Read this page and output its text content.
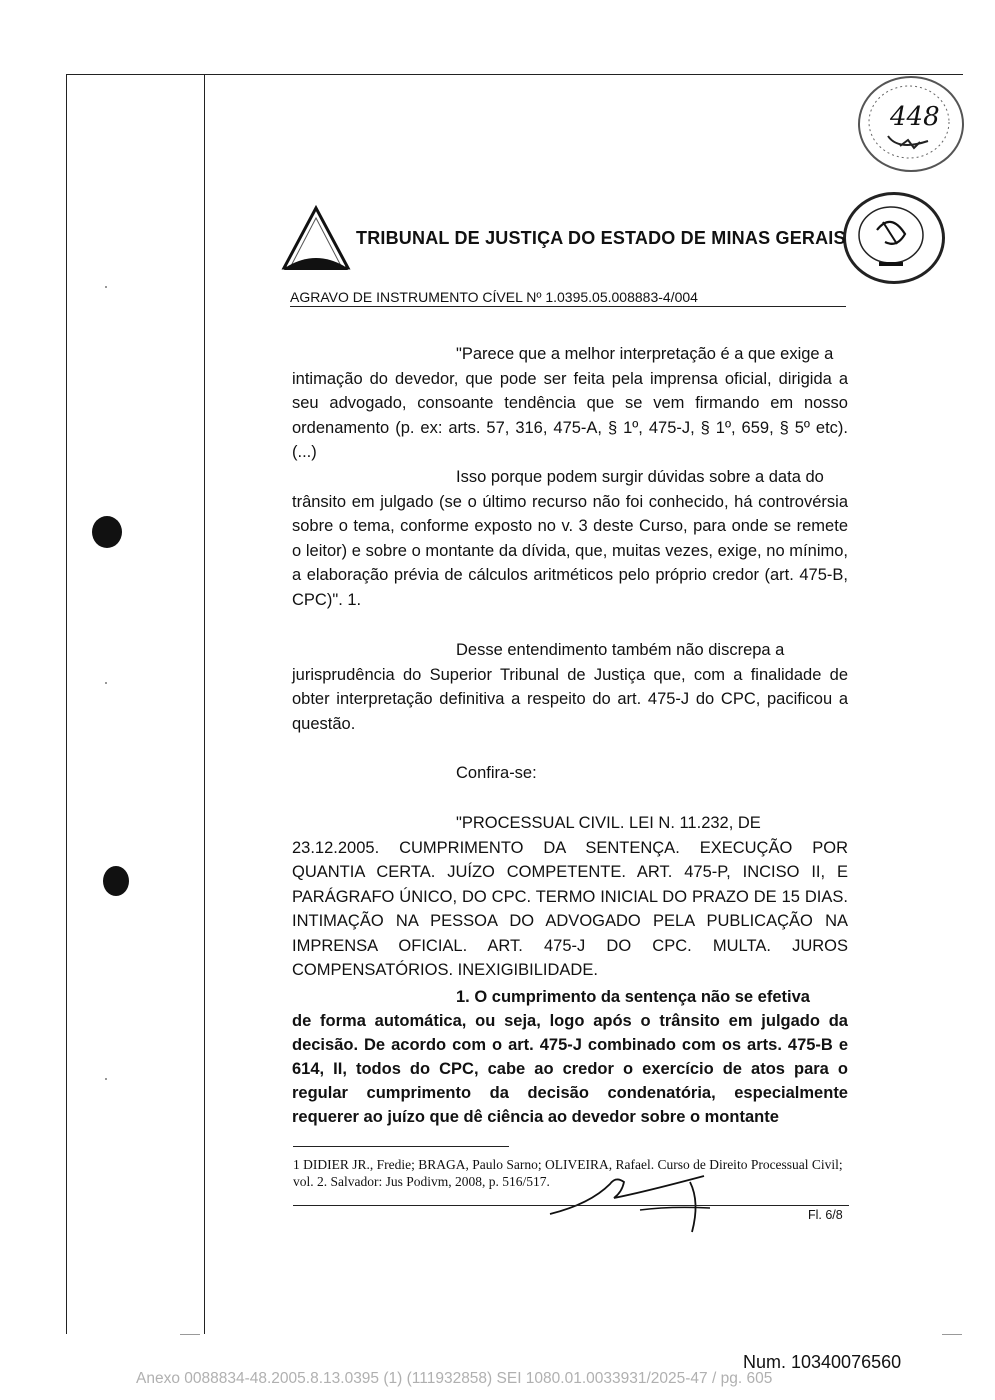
448
TRIBUNAL DE JUSTIÇA DO ESTADO DE MINAS GERAIS
AGRAVO DE INSTRUMENTO CÍVEL Nº 1.0395.05.008883-4/004

"Parece que a melhor interpretação é a que exige a

intimação do devedor, que pode ser feita pela imprensa oficial, dirigida a seu advogado, consoante tendência que se vem firmando em nosso ordenamento (p. ex: arts. 57, 316, 475-A, § 1º, 475-J, § 1º, 659, § 5º etc). (...)

Isso porque podem surgir dúvidas sobre a data do

trânsito em julgado (se o último recurso não foi conhecido, há controvérsia sobre o tema, conforme exposto no v. 3 deste Curso, para onde se remete o leitor) e sobre o montante da dívida, que, muitas vezes, exige, no mínimo, a elaboração prévia de cálculos aritméticos pelo próprio credor (art. 475-B, CPC)". 1.

Desse entendimento também não discrepa a

jurisprudência do Superior Tribunal de Justiça que, com a finalidade de obter interpretação definitiva a respeito do art. 475-J do CPC, pacificou a questão.

Confira-se:

"PROCESSUAL CIVIL. LEI N. 11.232, DE

23.12.2005. CUMPRIMENTO DA SENTENÇA. EXECUÇÃO POR QUANTIA CERTA. JUÍZO COMPETENTE. ART. 475-P, INCISO II, E PARÁGRAFO ÚNICO, DO CPC. TERMO INICIAL DO PRAZO DE 15 DIAS. INTIMAÇÃO NA PESSOA DO ADVOGADO PELA PUBLICAÇÃO NA IMPRENSA OFICIAL. ART. 475-J DO CPC. MULTA. JUROS COMPENSATÓRIOS. INEXIGIBILIDADE.

1. O cumprimento da sentença não se efetiva

de forma automática, ou seja, logo após o trânsito em julgado da decisão. De acordo com o art. 475-J combinado com os arts. 475-B e 614, II, todos do CPC, cabe ao credor o exercício de atos para o regular cumprimento da decisão condenatória, especialmente requerer ao juízo que dê ciência ao devedor sobre o montante

1 DIDIER JR., Fredie; BRAGA, Paulo Sarno; OLIVEIRA, Rafael. Curso de Direito Processual Civil; vol. 2. Salvador: Jus Podivm, 2008, p. 516/517.
Fl. 6/8
Num. 10340076560
Anexo 0088834-48.2005.8.13.0395 (1) (111932858) SEI 1080.01.0033931/2025-47 / pg. 605
